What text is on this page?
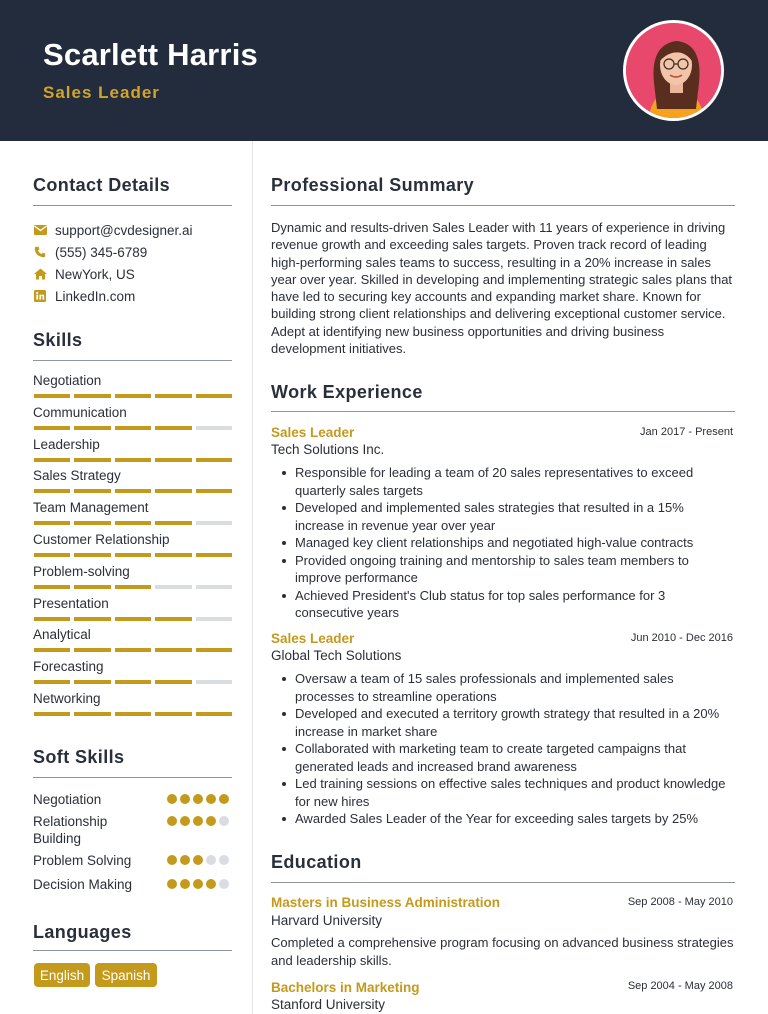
Scarlett Harris
Sales Leader
Contact Details
support@cvdesigner.ai
(555) 345-6789
NewYork, US
LinkedIn.com
Skills
Negotiation
Communication
Leadership
Sales Strategy
Team Management
Customer Relationship
Problem-solving
Presentation
Analytical
Forecasting
Networking
Soft Skills
Negotiation
Relationship Building
Problem Solving
Decision Making
Languages
English	Spanish
Professional Summary
Dynamic and results-driven Sales Leader with 11 years of experience in driving revenue growth and exceeding sales targets. Proven track record of leading high-performing sales teams to success, resulting in a 20% increase in sales year over year. Skilled in developing and implementing strategic sales plans that have led to securing key accounts and expanding market share. Known for building strong client relationships and delivering exceptional customer service. Adept at identifying new business opportunities and driving business development initiatives.
Work Experience
Sales Leader	Jan 2017 - Present
Tech Solutions Inc.
Responsible for leading a team of 20 sales representatives to exceed quarterly sales targets
Developed and implemented sales strategies that resulted in a 15% increase in revenue year over year
Managed key client relationships and negotiated high-value contracts
Provided ongoing training and mentorship to sales team members to improve performance
Achieved President's Club status for top sales performance for 3 consecutive years
Sales Leader	Jun 2010 - Dec 2016
Global Tech Solutions
Oversaw a team of 15 sales professionals and implemented sales processes to streamline operations
Developed and executed a territory growth strategy that resulted in a 20% increase in market share
Collaborated with marketing team to create targeted campaigns that generated leads and increased brand awareness
Led training sessions on effective sales techniques and product knowledge for new hires
Awarded Sales Leader of the Year for exceeding sales targets by 25%
Education
Masters in Business Administration	Sep 2008 - May 2010
Harvard University
Completed a comprehensive program focusing on advanced business strategies and leadership skills.
Bachelors in Marketing	Sep 2004 - May 2008
Stanford University
